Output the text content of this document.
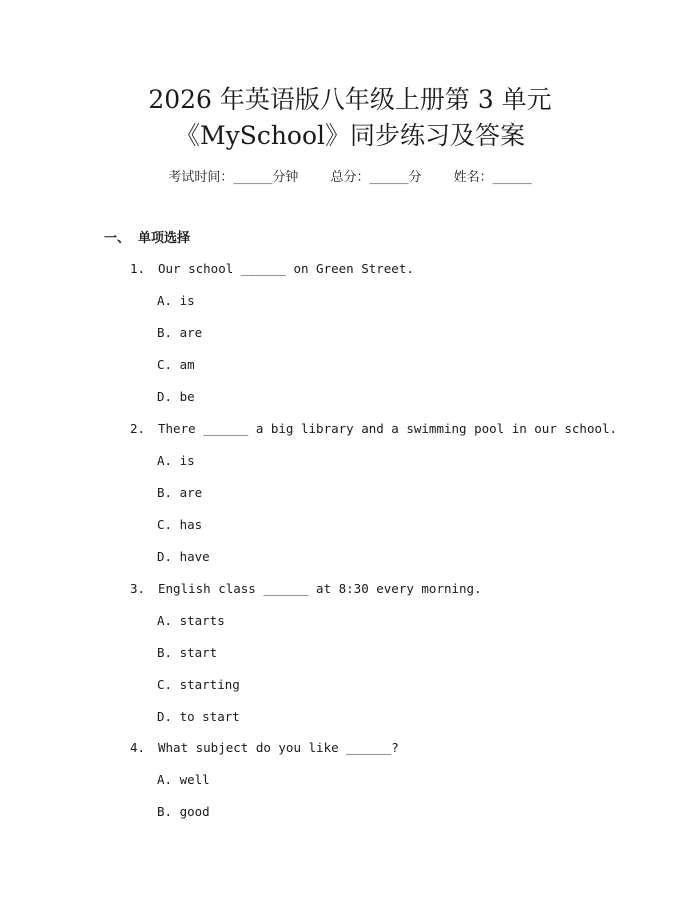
2026 年英语版八年级上册第 3 单元
《MySchool》同步练习及答案
考试时间：______分钟 总分：______分 姓名：______
一、 单项选择
1. Our school ______ on Green Street.
A. is
B. are
C. am
D. be
2. There ______ a big library and a swimming pool in our school.
A. is
B. are
C. has
D. have
3. English class ______ at 8:30 every morning.
A. starts
B. start
C. starting
D. to start
4. What subject do you like ______?
A. well
B. good
